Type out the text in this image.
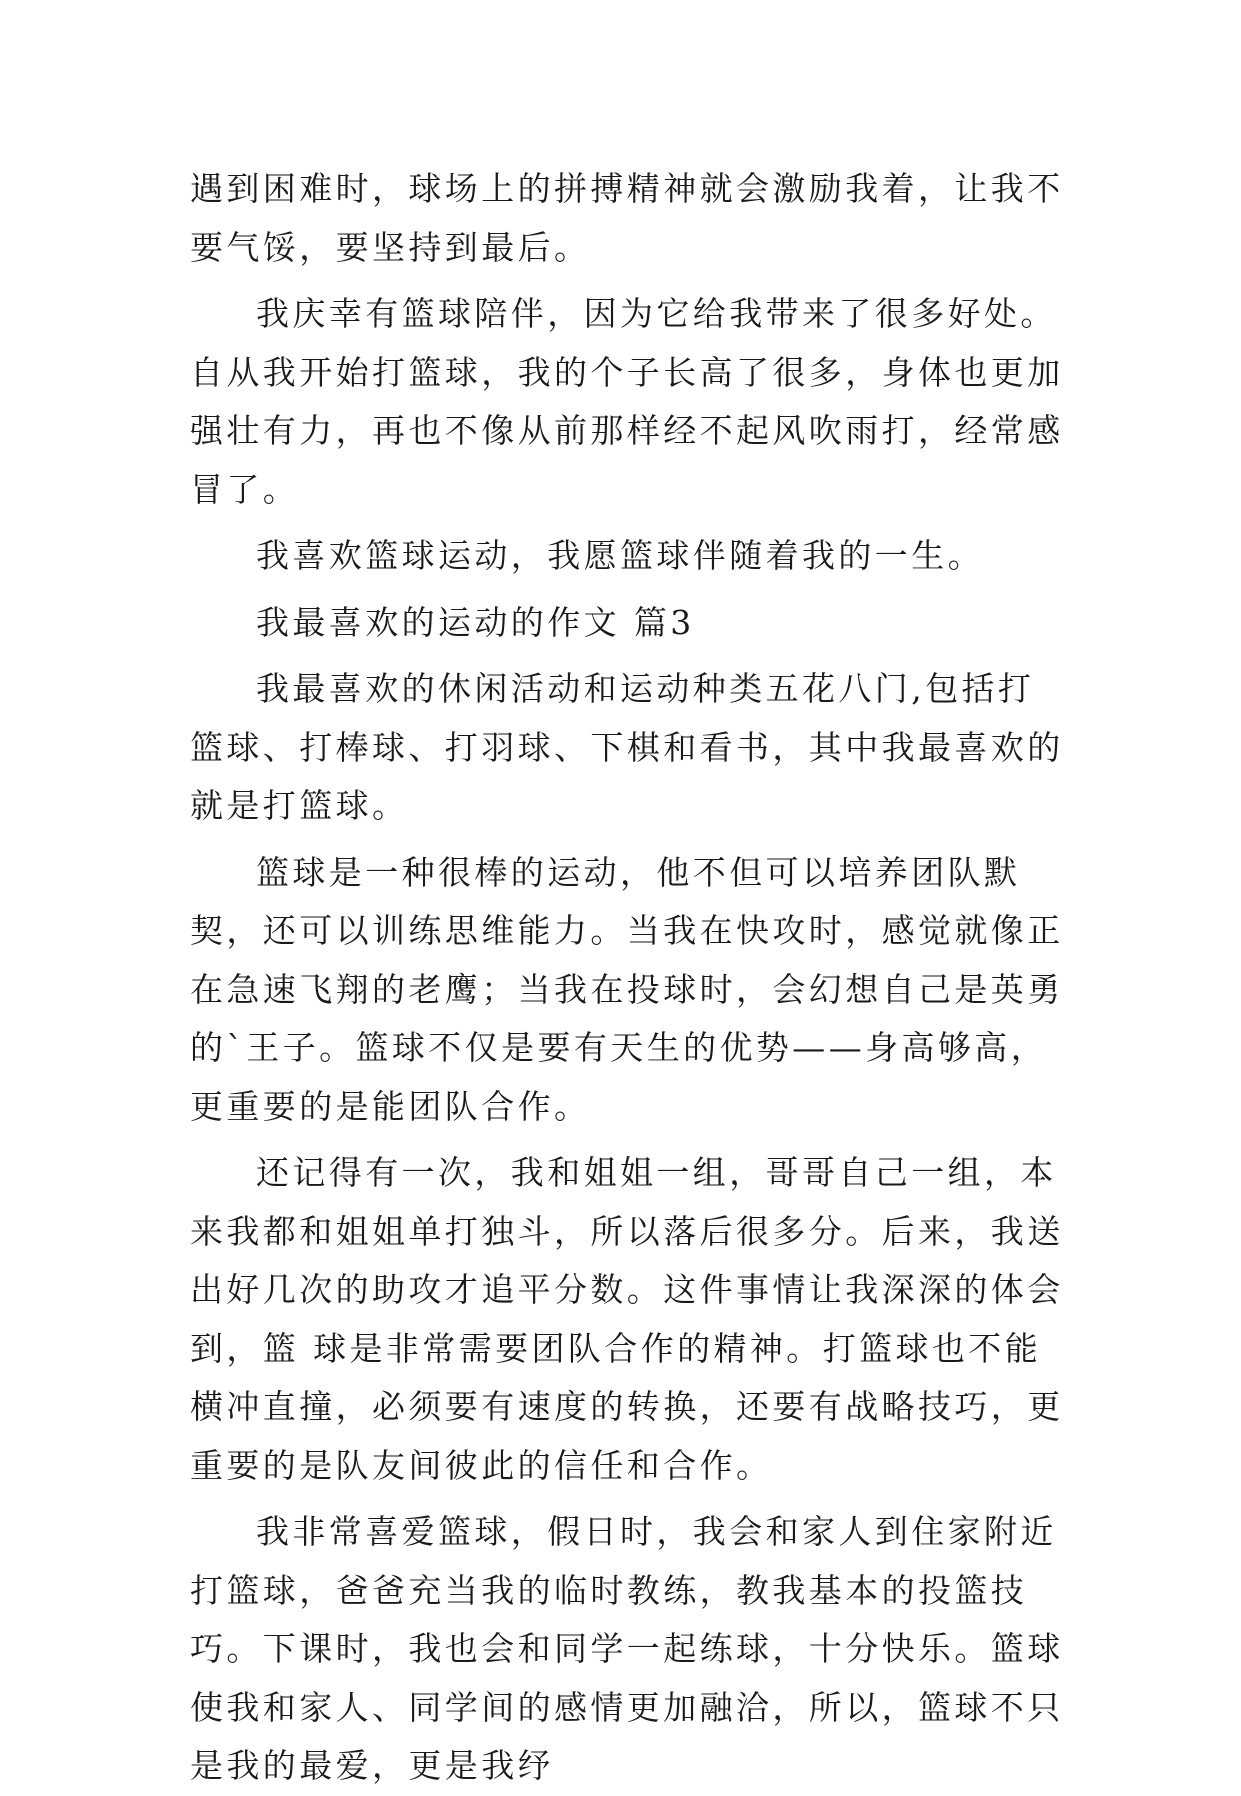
遇到困难时，球场上的拼搏精神就会激励我着，让我不要气馁，要坚持到最后。

我庆幸有篮球陪伴，因为它给我带来了很多好处。自从我开始打篮球，我的个子长高了很多，身体也更加强壮有力，再也不像从前那样经不起风吹雨打，经常感冒了。

我喜欢篮球运动，我愿篮球伴随着我的一生。

我最喜欢的运动的作文 篇3

我最喜欢的休闲活动和运动种类五花八门,包括打篮球、打棒球、打羽球、下棋和看书，其中我最喜欢的就是打篮球。

篮球是一种很棒的运动，他不但可以培养团队默契，还可以训练思维能力。当我在快攻时，感觉就像正在急速飞翔的老鹰；当我在投球时，会幻想自己是英勇的`王子。篮球不仅是要有天生的优势——身高够高，更重要的是能团队合作。

还记得有一次，我和姐姐一组，哥哥自己一组，本来我都和姐姐单打独斗，所以落后很多分。后来，我送出好几次的助攻才追平分数。这件事情让我深深的体会到，篮 球是非常需要团队合作的精神。打篮球也不能横冲直撞，必须要有速度的转换，还要有战略技巧，更重要的是队友间彼此的信任和合作。

我非常喜爱篮球，假日时，我会和家人到住家附近打篮球，爸爸充当我的临时教练，教我基本的投篮技巧。下课时，我也会和同学一起练球，十分快乐。篮球使我和家人、同学间的感情更加融洽，所以，篮球不只是我的最爱，更是我纾
